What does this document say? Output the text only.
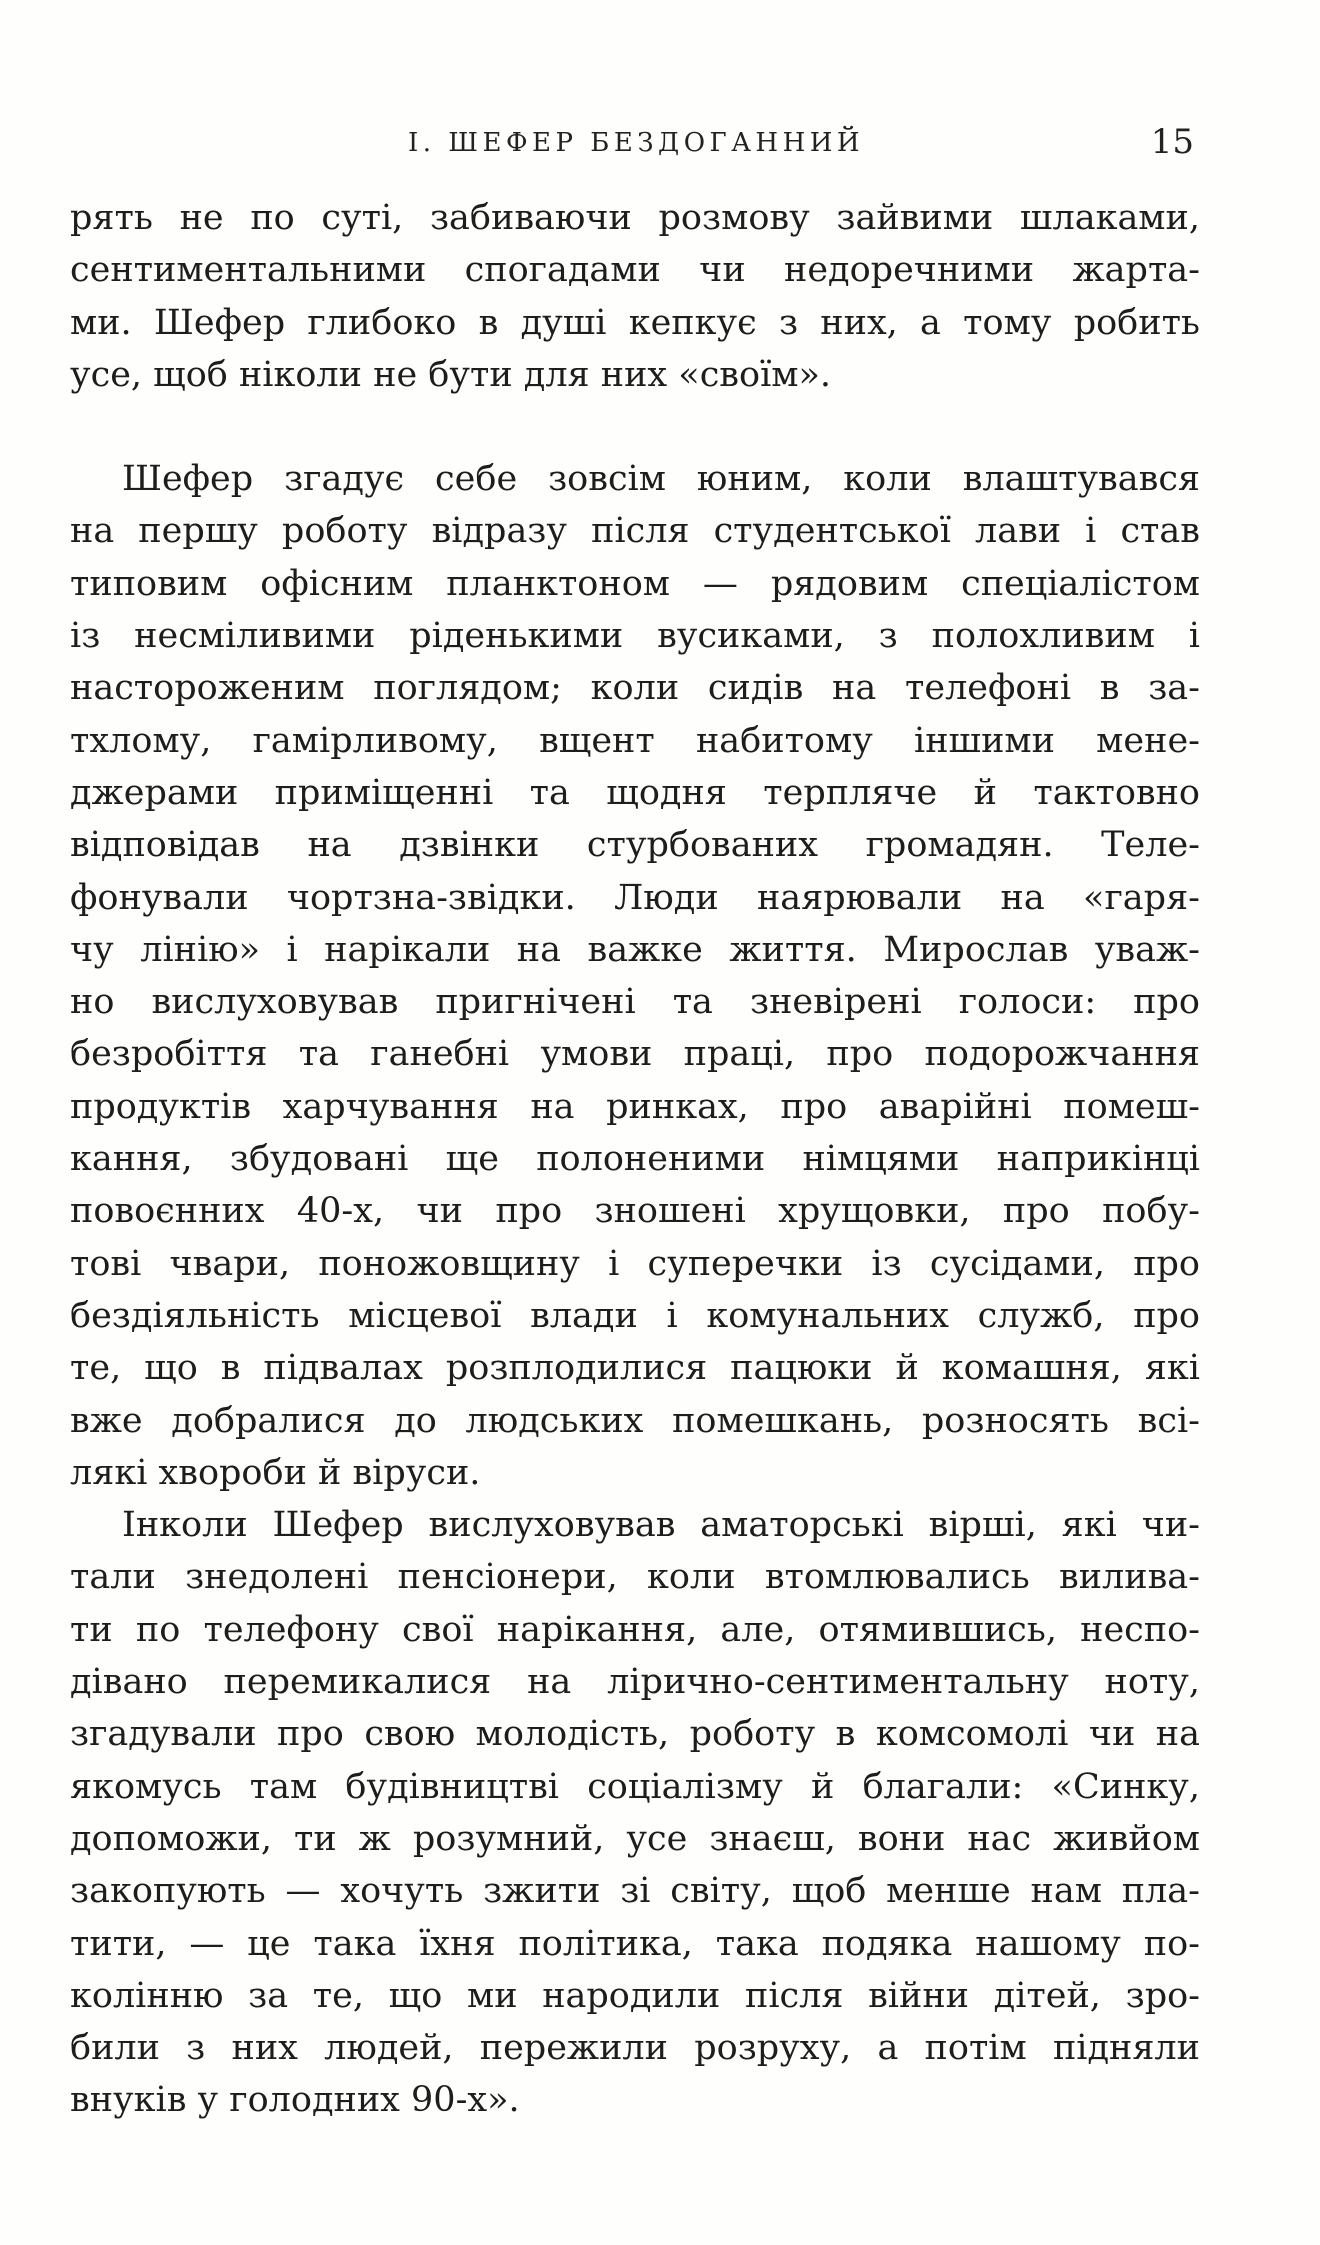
І. ШЕФЕР БЕЗДОГАННИЙ	15
рять не по суті, забиваючи розмову зайвими шлаками,
сентиментальними спогадами чи недоречними жарта-
ми. Шефер глибоко в душі кепкує з них, а тому робить
усе, щоб ніколи не бути для них «своїм».
Шефер згадує себе зовсім юним, коли влаштувався
на першу роботу відразу після студентської лави і став
типовим офісним планктоном — рядовим спеціалістом
із несміливими ріденькими вусиками, з полохливим і
настороженим поглядом; коли сидів на телефоні в за-
тхлому, гамірливому, вщент набитому іншими мене-
джерами приміщенні та щодня терпляче й тактовно
відповідав на дзвінки стурбованих громадян. Теле-
фонували чортзна-звідки. Люди наярювали на «гаря-
чу лінію» і нарікали на важке життя. Мирослав уваж-
но вислуховував пригнічені та зневірені голоси: про
безробіття та ганебні умови праці, про подорожчання
продуктів харчування на ринках, про аварійні помеш-
кання, збудовані ще полоненими німцями наприкінці
повоєнних 40-х, чи про зношені хрущовки, про побу-
тові чвари, поножовщину і суперечки із сусідами, про
бездіяльність місцевої влади і комунальних служб, про
те, що в підвалах розплодилися пацюки й комашня, які
вже добралися до людських помешкань, розносять всі-
лякі хвороби й віруси.
Інколи Шефер вислуховував аматорські вірші, які чи-
тали знедолені пенсіонери, коли втомлювались вилива-
ти по телефону свої нарікання, але, отямившись, неспо-
дівано перемикалися на лірично-сентиментальну ноту,
згадували про свою молодість, роботу в комсомолі чи на
якомусь там будівництві соціалізму й благали: «Синку,
допоможи, ти ж розумний, усе знаєш, вони нас живйом
закопують — хочуть зжити зі світу, щоб менше нам пла-
тити, — це така їхня політика, така подяка нашому по-
колінню за те, що ми народили після війни дітей, зро-
били з них людей, пережили розруху, а потім підняли
внуків у голодних 90-х».
